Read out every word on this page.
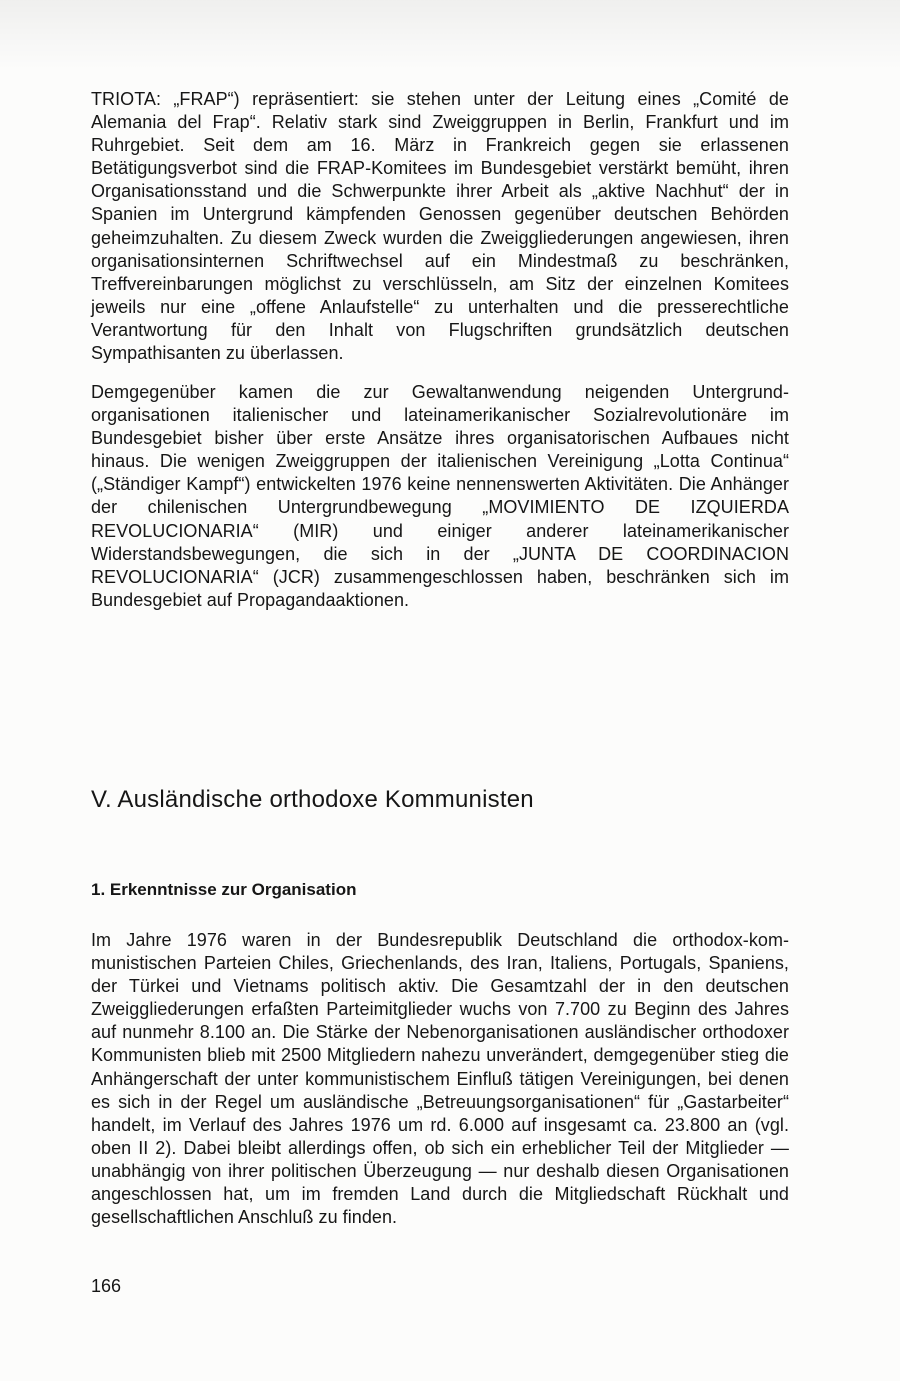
TRIOTA: „FRAP“) repräsentiert: sie stehen unter der Leitung eines „Comité de Alemania del Frap“. Relativ stark sind Zweiggruppen in Berlin, Frankfurt und im Ruhrgebiet. Seit dem am 16. März in Frankreich gegen sie erlassenen Betätigungsverbot sind die FRAP-Komitees im Bundesgebiet verstärkt bemüht, ihren Organisationsstand und die Schwerpunkte ihrer Arbeit als „aktive Nachhut“ der in Spanien im Untergrund kämpfenden Genossen gegenüber deutschen Behörden geheimzuhalten. Zu diesem Zweck wurden die Zweiggliederungen angewiesen, ihren organisationsinternen Schriftwechsel auf ein Mindestmaß zu beschränken, Treffvereinbarungen möglichst zu verschlüsseln, am Sitz der einzelnen Komitees jeweils nur eine „offene Anlaufstelle“ zu unterhalten und die presserechtliche Verantwortung für den Inhalt von Flugschriften grundsätzlich deutschen Sympathisanten zu überlassen.

Demgegenüber kamen die zur Gewaltanwendung neigenden Untergrundorganisationen italienischer und lateinamerikanischer Sozialrevolutionäre im Bundesgebiet bisher über erste Ansätze ihres organisatorischen Aufbaues nicht hinaus. Die wenigen Zweiggruppen der italienischen Vereinigung „Lotta Continua“ („Ständiger Kampf“) entwickelten 1976 keine nennenswerten Aktivitäten. Die Anhänger der chilenischen Untergrundbewegung „MOVIMIENTO DE IZQUIERDA REVOLUCIONARIA“ (MIR) und einiger anderer lateinamerikanischer Widerstandsbewegungen, die sich in der „JUNTA DE COORDINACION REVOLUCIONARIA“ (JCR) zusammengeschlossen haben, beschränken sich im Bundesgebiet auf Propagandaaktionen.

V. Ausländische orthodoxe Kommunisten
1. Erkenntnisse zur Organisation

Im Jahre 1976 waren in der Bundesrepublik Deutschland die orthodox-kommunistischen Parteien Chiles, Griechenlands, des Iran, Italiens, Portugals, Spaniens, der Türkei und Vietnams politisch aktiv. Die Gesamtzahl der in den deutschen Zweiggliederungen erfaßten Parteimitglieder wuchs von 7.700 zu Beginn des Jahres auf nunmehr 8.100 an. Die Stärke der Nebenorganisationen ausländischer orthodoxer Kommunisten blieb mit 2500 Mitgliedern nahezu unverändert, demgegenüber stieg die Anhängerschaft der unter kommunistischem Einfluß tätigen Vereinigungen, bei denen es sich in der Regel um ausländische „Betreuungsorganisationen“ für „Gastarbeiter“ handelt, im Verlauf des Jahres 1976 um rd. 6.000 auf insgesamt ca. 23.800 an (vgl. oben II 2). Dabei bleibt allerdings offen, ob sich ein erheblicher Teil der Mitglieder — unabhängig von ihrer politischen Überzeugung — nur deshalb diesen Organisationen angeschlossen hat, um im fremden Land durch die Mitgliedschaft Rückhalt und gesellschaftlichen Anschluß zu finden.

166
